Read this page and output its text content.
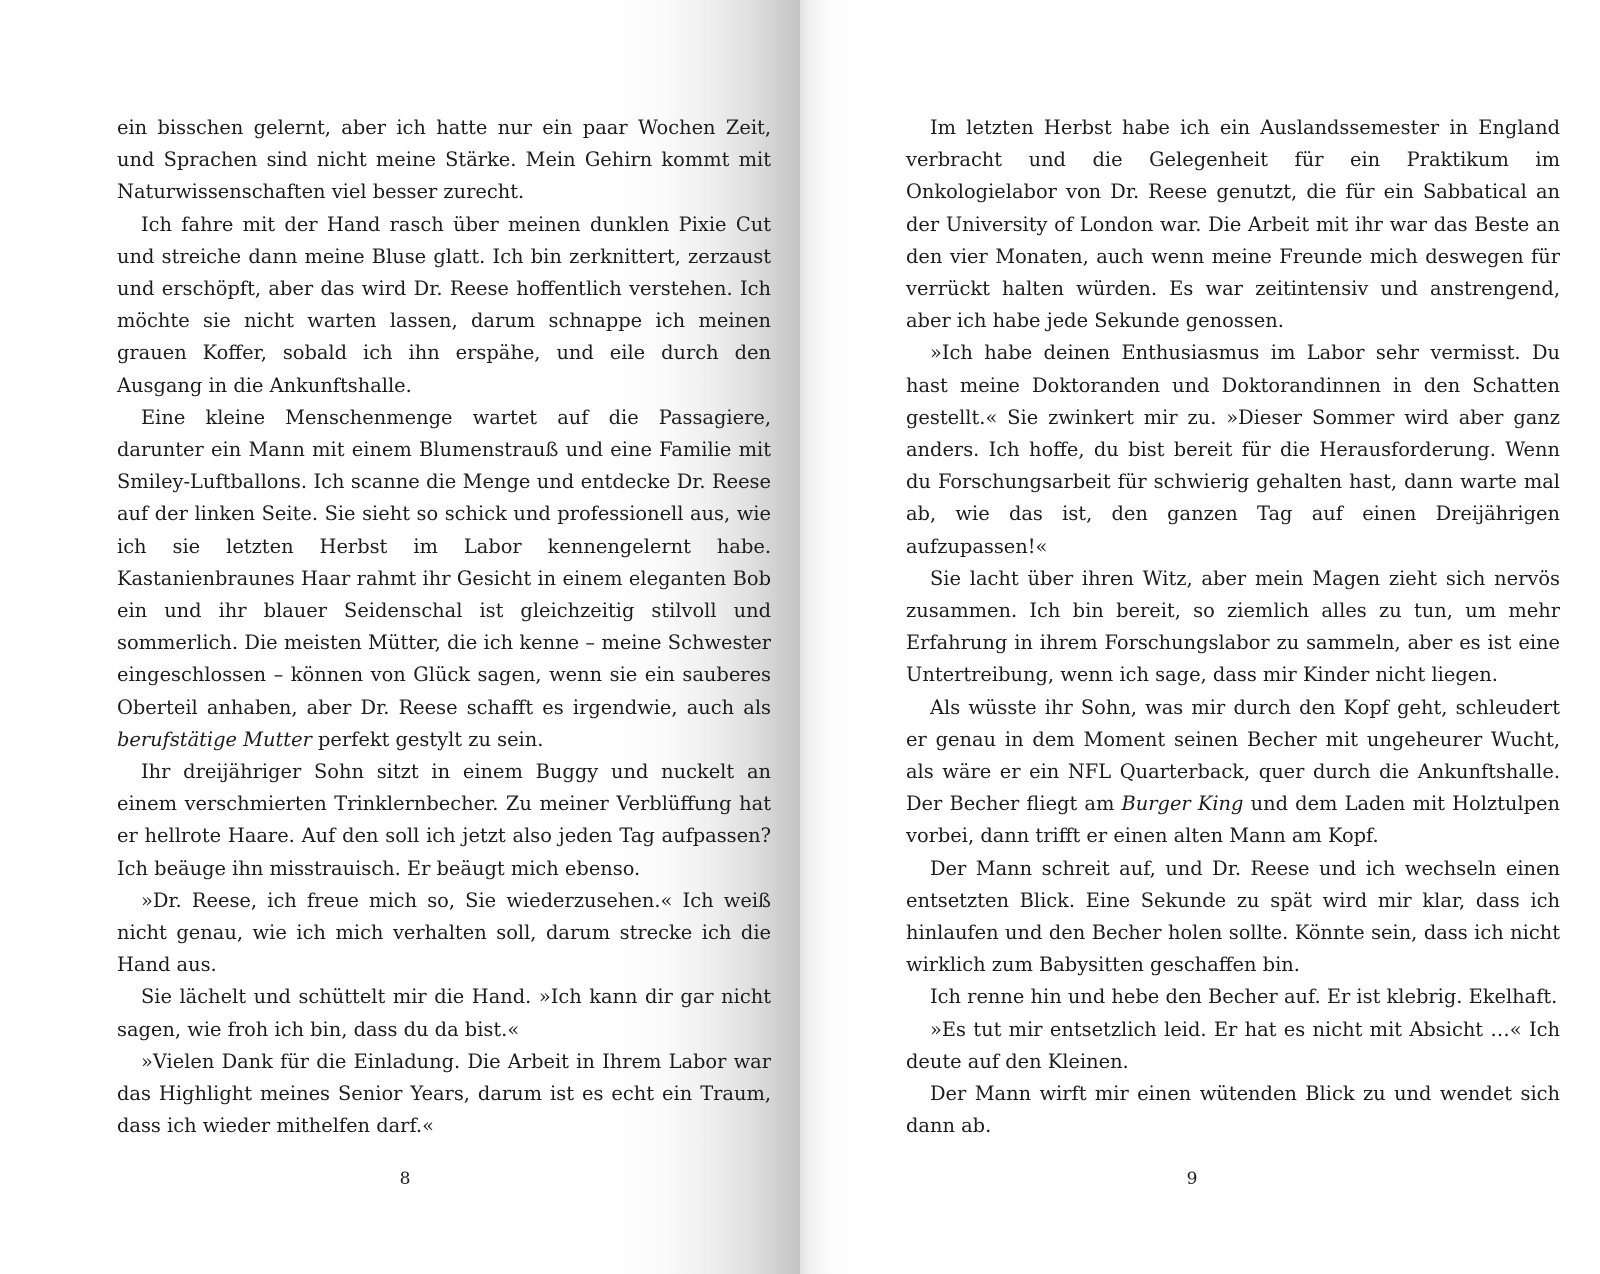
ein bisschen gelernt, aber ich hatte nur ein paar Wochen Zeit, und Sprachen sind nicht meine Stärke. Mein Gehirn kommt mit Naturwissenschaften viel besser zurecht.

Ich fahre mit der Hand rasch über meinen dunklen Pixie Cut und streiche dann meine Bluse glatt. Ich bin zerknittert, zerzaust und erschöpft, aber das wird Dr. Reese hoffentlich verstehen. Ich möchte sie nicht warten lassen, darum schnappe ich meinen grauen Koffer, sobald ich ihn erspähe, und eile durch den Ausgang in die Ankunftshalle.

Eine kleine Menschenmenge wartet auf die Passagiere, darunter ein Mann mit einem Blumenstrauß und eine Familie mit Smiley-Luftballons. Ich scanne die Menge und entdecke Dr. Reese auf der linken Seite. Sie sieht so schick und professionell aus, wie ich sie letzten Herbst im Labor kennengelernt habe. Kastanienbraunes Haar rahmt ihr Gesicht in einem eleganten Bob ein und ihr blauer Seidenschal ist gleichzeitig stilvoll und sommerlich. Die meisten Mütter, die ich kenne – meine Schwester eingeschlossen – können von Glück sagen, wenn sie ein sauberes Oberteil anhaben, aber Dr. Reese schafft es irgendwie, auch als berufstätige Mutter perfekt gestylt zu sein.

Ihr dreijähriger Sohn sitzt in einem Buggy und nuckelt an einem verschmierten Trinklernbecher. Zu meiner Verblüffung hat er hellrote Haare. Auf den soll ich jetzt also jeden Tag aufpassen? Ich beäuge ihn misstrauisch. Er beäugt mich ebenso.

»Dr. Reese, ich freue mich so, Sie wiederzusehen.« Ich weiß nicht genau, wie ich mich verhalten soll, darum strecke ich die Hand aus.

Sie lächelt und schüttelt mir die Hand. »Ich kann dir gar nicht sagen, wie froh ich bin, dass du da bist.«

»Vielen Dank für die Einladung. Die Arbeit in Ihrem Labor war das Highlight meines Senior Years, darum ist es echt ein Traum, dass ich wieder mithelfen darf.«

8

Im letzten Herbst habe ich ein Auslandssemester in England verbracht und die Gelegenheit für ein Praktikum im Onkologielabor von Dr. Reese genutzt, die für ein Sabbatical an der University of London war. Die Arbeit mit ihr war das Beste an den vier Monaten, auch wenn meine Freunde mich deswegen für verrückt halten würden. Es war zeitintensiv und anstrengend, aber ich habe jede Sekunde genossen.

»Ich habe deinen Enthusiasmus im Labor sehr vermisst. Du hast meine Doktoranden und Doktorandinnen in den Schatten gestellt.« Sie zwinkert mir zu. »Dieser Sommer wird aber ganz anders. Ich hoffe, du bist bereit für die Herausforderung. Wenn du Forschungsarbeit für schwierig gehalten hast, dann warte mal ab, wie das ist, den ganzen Tag auf einen Dreijährigen aufzupassen!«

Sie lacht über ihren Witz, aber mein Magen zieht sich nervös zusammen. Ich bin bereit, so ziemlich alles zu tun, um mehr Erfahrung in ihrem Forschungslabor zu sammeln, aber es ist eine Untertreibung, wenn ich sage, dass mir Kinder nicht liegen.

Als wüsste ihr Sohn, was mir durch den Kopf geht, schleudert er genau in dem Moment seinen Becher mit ungeheurer Wucht, als wäre er ein NFL Quarterback, quer durch die Ankunftshalle. Der Becher fliegt am Burger King und dem Laden mit Holztulpen vorbei, dann trifft er einen alten Mann am Kopf.

Der Mann schreit auf, und Dr. Reese und ich wechseln einen entsetzten Blick. Eine Sekunde zu spät wird mir klar, dass ich hinlaufen und den Becher holen sollte. Könnte sein, dass ich nicht wirklich zum Babysitten geschaffen bin.

Ich renne hin und hebe den Becher auf. Er ist klebrig. Ekelhaft.

»Es tut mir entsetzlich leid. Er hat es nicht mit Absicht …« Ich deute auf den Kleinen.

Der Mann wirft mir einen wütenden Blick zu und wendet sich dann ab.

9
